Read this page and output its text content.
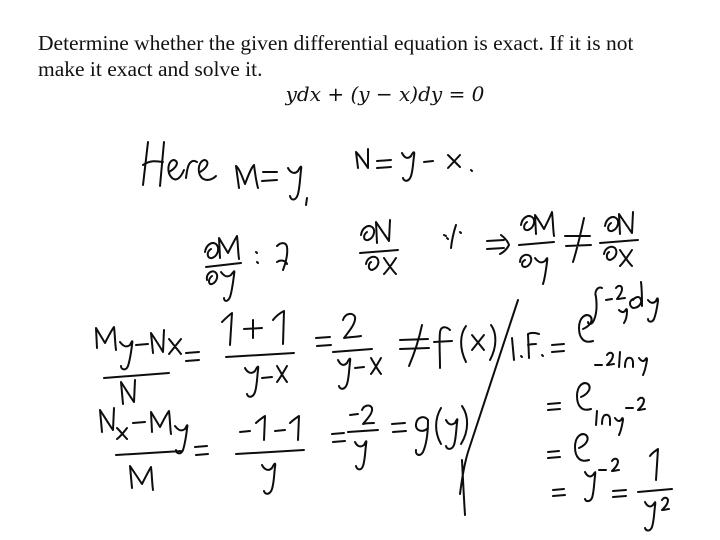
Determine whether the given differential equation is exact. If it is not

make it exact and solve it.

ydx + (y − x)dy = 0
